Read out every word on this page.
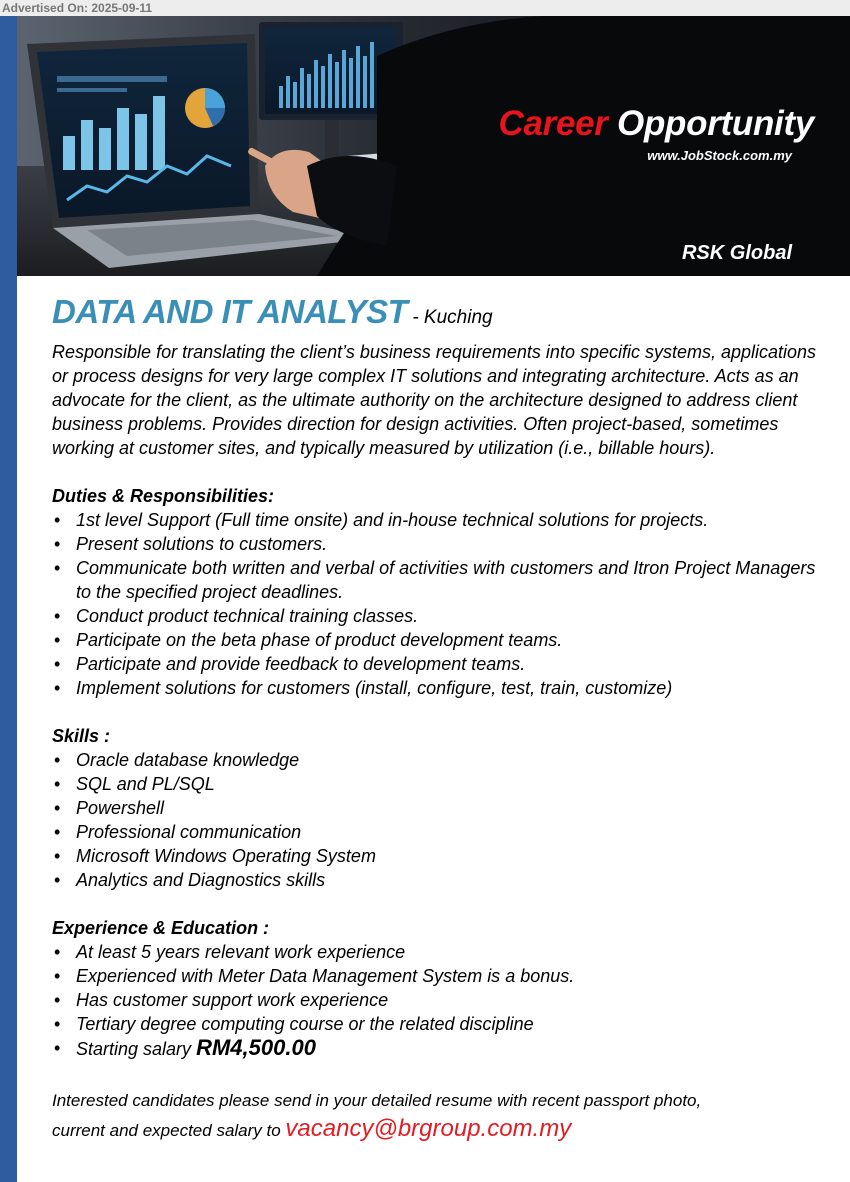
Advertised On: 2025-09-11
Career Opportunity
www.JobStock.com.my
RSK Global

DATA AND IT ANALYST - Kuching

Responsible for translating the client’s business requirements into specific systems, applications or process designs for very large complex IT solutions and integrating architecture. Acts as an advocate for the client, as the ultimate authority on the architecture designed to address client business problems. Provides direction for design activities. Often project-based, sometimes working at customer sites, and typically measured by utilization (i.e., billable hours).

Duties & Responsibilities:

• 1st level Support (Full time onsite) and in-house technical solutions for projects.
• Present solutions to customers.
• Communicate both written and verbal of activities with customers and Itron Project Managers to the specified project deadlines.
• Conduct product technical training classes.
• Participate on the beta phase of product development teams.
• Participate and provide feedback to development teams.
• Implement solutions for customers (install, configure, test, train, customize)

Skills :

• Oracle database knowledge
• SQL and PL/SQL
• Powershell
• Professional communication
• Microsoft Windows Operating System
• Analytics and Diagnostics skills

Experience & Education :

• At least 5 years relevant work experience
• Experienced with Meter Data Management System is a bonus.
• Has customer support work experience
• Tertiary degree computing course or the related discipline
• Starting salary RM4,500.00

Interested candidates please send in your detailed resume with recent passport photo,
current and expected salary to vacancy@brgroup.com.my
